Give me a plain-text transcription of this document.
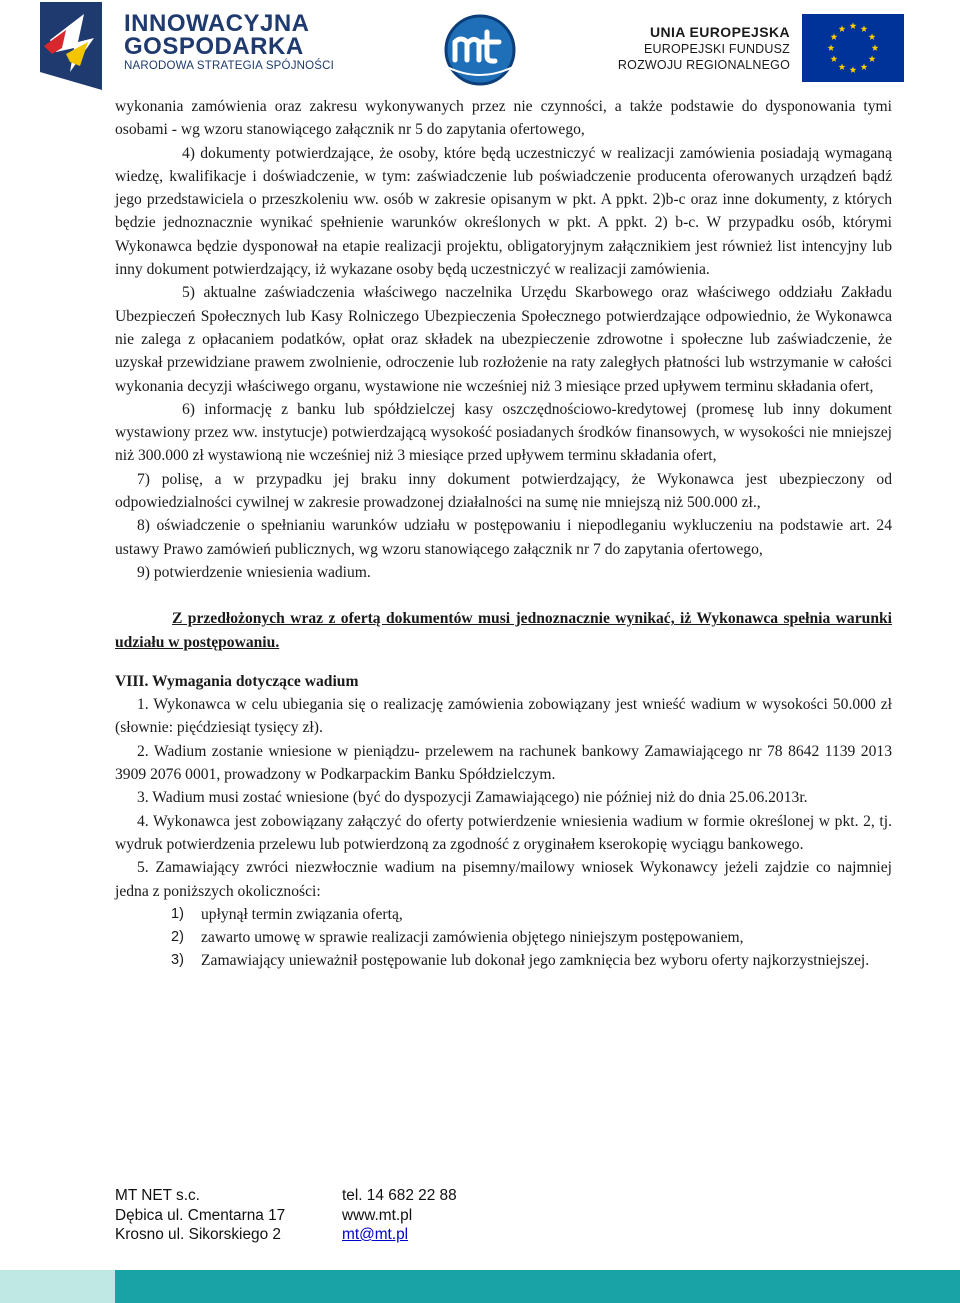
INNOWACYJNA
GOSPODARKA
NARODOWA STRATEGIA SPÓJNOŚCI
UNIA EUROPEJSKA
EUROPEJSKI FUNDUSZ
ROZWOJU REGIONALNEGO

wykonania zamówienia oraz zakresu wykonywanych przez nie czynności, a także podstawie do dysponowania tymi osobami - wg wzoru stanowiącego załącznik nr 5 do zapytania ofertowego,

4) dokumenty potwierdzające, że osoby, które będą uczestniczyć w realizacji zamówienia posiadają wymaganą wiedzę, kwalifikacje i doświadczenie, w tym: zaświadczenie lub poświadczenie producenta oferowanych urządzeń bądź jego przedstawiciela o przeszkoleniu ww. osób w zakresie opisanym w pkt. A ppkt. 2)b-c oraz inne dokumenty, z których będzie jednoznacznie wynikać spełnienie warunków określonych w pkt. A ppkt. 2) b-c. W przypadku osób, którymi Wykonawca będzie dysponował na etapie realizacji projektu, obligatoryjnym załącznikiem jest również list intencyjny lub inny dokument potwierdzający, iż wykazane osoby będą uczestniczyć w realizacji zamówienia.

5) aktualne zaświadczenia właściwego naczelnika Urzędu Skarbowego oraz właściwego oddziału Zakładu Ubezpieczeń Społecznych lub Kasy Rolniczego Ubezpieczenia Społecznego potwierdzające odpowiednio, że Wykonawca nie zalega z opłacaniem podatków, opłat oraz składek na ubezpieczenie zdrowotne i społeczne lub zaświadczenie, że uzyskał przewidziane prawem zwolnienie, odroczenie lub rozłożenie na raty zaległych płatności lub wstrzymanie w całości wykonania decyzji właściwego organu, wystawione nie wcześniej niż 3 miesiące przed upływem terminu składania ofert,

6) informację z banku lub spółdzielczej kasy oszczędnościowo-kredytowej (promesę lub inny dokument wystawiony przez ww. instytucje) potwierdzającą wysokość posiadanych środków finansowych, w wysokości nie mniejszej niż 300.000 zł wystawioną nie wcześniej niż 3 miesiące przed upływem terminu składania ofert,

7) polisę, a w przypadku jej braku inny dokument potwierdzający, że Wykonawca jest ubezpieczony od odpowiedzialności cywilnej w zakresie prowadzonej działalności na sumę nie mniejszą niż 500.000 zł.,

8) oświadczenie o spełnianiu warunków udziału w postępowaniu i niepodleganiu wykluczeniu na podstawie art. 24 ustawy Prawo zamówień publicznych, wg wzoru stanowiącego załącznik nr 7 do zapytania ofertowego,

9) potwierdzenie wniesienia wadium.

Z przedłożonych wraz z ofertą dokumentów musi jednoznacznie wynikać, iż Wykonawca spełnia warunki udziału w postępowaniu.

VIII. Wymagania dotyczące wadium

1. Wykonawca w celu ubiegania się o realizację zamówienia zobowiązany jest wnieść wadium w wysokości 50.000 zł (słownie: pięćdziesiąt tysięcy zł).

2. Wadium zostanie wniesione w pieniądzu- przelewem na rachunek bankowy Zamawiającego nr 78 8642 1139 2013 3909 2076 0001, prowadzony w Podkarpackim Banku Spółdzielczym.

3. Wadium musi zostać wniesione (być do dyspozycji Zamawiającego) nie później niż do dnia 25.06.2013r.

4. Wykonawca jest zobowiązany załączyć do oferty potwierdzenie wniesienia wadium w formie określonej w pkt. 2, tj. wydruk potwierdzenia przelewu lub potwierdzoną za zgodność z oryginałem kserokopię wyciągu bankowego.

5. Zamawiający zwróci niezwłocznie wadium na pisemny/mailowy wniosek Wykonawcy jeżeli zajdzie co najmniej jedna z poniższych okoliczności:

1) upłynął termin związania ofertą,
2) zawarto umowę w sprawie realizacji zamówienia objętego niniejszym postępowaniem,
3) Zamawiający unieważnił postępowanie lub dokonał jego zamknięcia bez wyboru oferty najkorzystniejszej.
MT NET s.c.
Dębica ul. Cmentarna 17
Krosno ul. Sikorskiego 2
tel. 14 682 22 88
www.mt.pl
mt@mt.pl
